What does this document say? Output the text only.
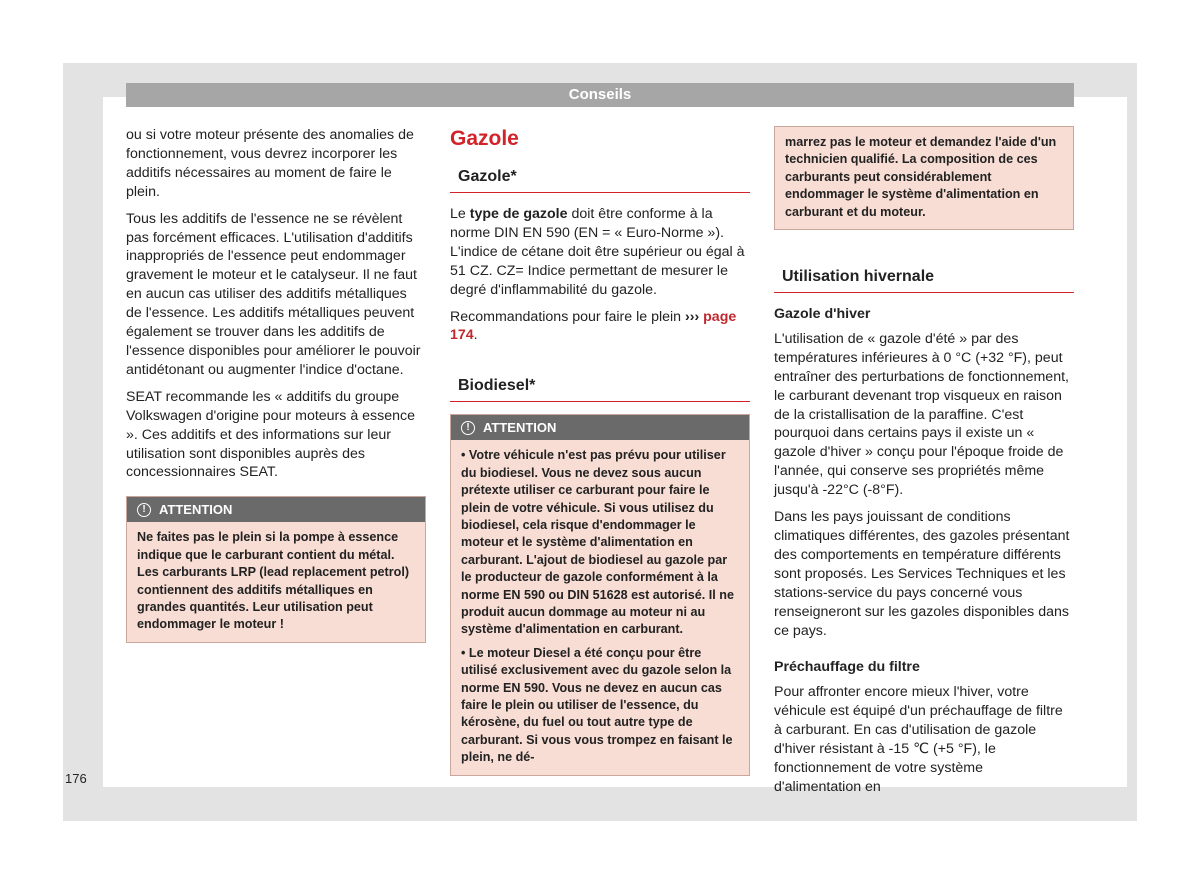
Conseils

ou si votre moteur présente des anomalies de fonctionnement, vous devrez incorporer les additifs nécessaires au moment de faire le plein.

Tous les additifs de l'essence ne se révèlent pas forcément efficaces. L'utilisation d'additifs inappropriés de l'essence peut endommager gravement le moteur et le catalyseur. Il ne faut en aucun cas utiliser des additifs métalliques de l'essence. Les additifs métalliques peuvent également se trouver dans les additifs de l'essence disponibles pour améliorer le pouvoir antidétonant ou augmenter l'indice d'octane.

SEAT recommande les « additifs du groupe Volkswagen d'origine pour moteurs à essence ». Ces additifs et des informations sur leur utilisation sont disponibles auprès des concessionnaires SEAT.

!	ATTENTION

Ne faites pas le plein si la pompe à essence indique que le carburant contient du métal. Les carburants LRP (lead replacement petrol) contiennent des additifs métalliques en grandes quantités. Leur utilisation peut endommager le moteur !

Gazole
Gazole*

Le type de gazole doit être conforme à la norme DIN EN 590 (EN = « Euro-Norme »). L'indice de cétane doit être supérieur ou égal à 51 CZ. CZ= Indice permettant de mesurer le degré d'inflammabilité du gazole.

Recommandations pour faire le plein ››› page 174.

Biodiesel*
!	ATTENTION

• Votre véhicule n'est pas prévu pour utiliser du biodiesel. Vous ne devez sous aucun prétexte utiliser ce carburant pour faire le plein de votre véhicule. Si vous utilisez du biodiesel, cela risque d'endommager le moteur et le système d'alimentation en carburant. L'ajout de biodiesel au gazole par le producteur de gazole conformément à la norme EN 590 ou DIN 51628 est autorisé. Il ne produit aucun dommage au moteur ni au système d'alimentation en carburant.

• Le moteur Diesel a été conçu pour être utilisé exclusivement avec du gazole selon la norme EN 590. Vous ne devez en aucun cas faire le plein ou utiliser de l'essence, du kérosène, du fuel ou tout autre type de carburant. Si vous vous trompez en faisant le plein, ne dé-

marrez pas le moteur et demandez l'aide d'un technicien qualifié. La composition de ces carburants peut considérablement endommager le système d'alimentation en carburant et du moteur.

Utilisation hivernale
Gazole d'hiver

L'utilisation de « gazole d'été » par des températures inférieures à 0 °C (+32 °F), peut entraîner des perturbations de fonctionnement, le carburant devenant trop visqueux en raison de la cristallisation de la paraffine. C'est pourquoi dans certains pays il existe un « gazole d'hiver » conçu pour l'époque froide de l'année, qui conserve ses propriétés même jusqu'à -22°C (-8°F).

Dans les pays jouissant de conditions climatiques différentes, des gazoles présentant des comportements en température différents sont proposés. Les Services Techniques et les stations-service du pays concerné vous renseigneront sur les gazoles disponibles dans ce pays.

Préchauffage du filtre

Pour affronter encore mieux l'hiver, votre véhicule est équipé d'un préchauffage de filtre à carburant. En cas d'utilisation de gazole d'hiver résistant à -15 ℃ (+5 °F), le fonctionnement de votre système d'alimentation en

176
